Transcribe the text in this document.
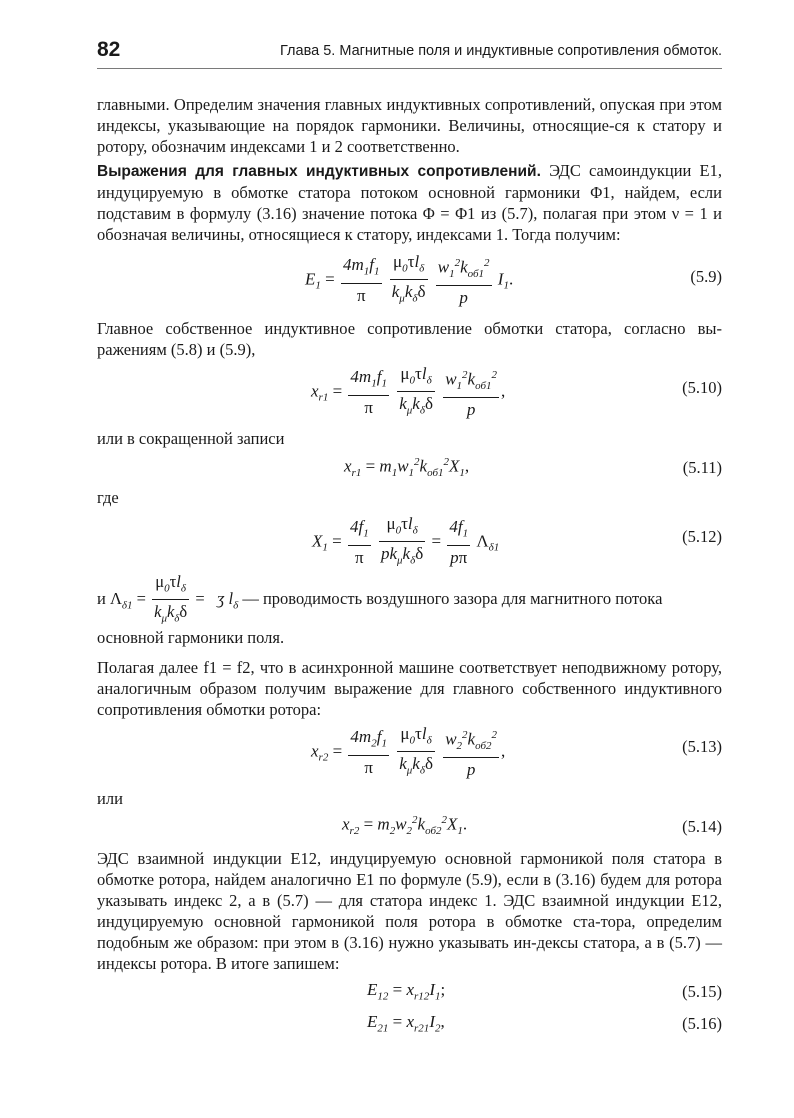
82	Глава 5. Магнитные поля и индуктивные сопротивления обмоток.

главными. Определим значения главных индуктивных сопротивлений, опуская при этом индексы, указывающие на порядок гармоники. Величины, относящие-ся к статору и ротору, обозначим индексами 1 и 2 соответственно.

Выражения для главных индуктивных сопротивлений. ЭДС самоиндукции E1, индуцируемую в обмотке статора потоком основной гармоники Φ1, найдем, если подставим в формулу (3.16) значение потока Φ = Φ1 из (5.7), полагая при этом ν = 1 и обозначая величины, относящиеся к статору, индексами 1. Тогда получим:

$E_1 = \frac{4m_1f_1}{\pi}$
$\frac{\mu_0\tau l_\delta}{k_\mu k_\delta\delta}$
$\frac{w_1^2k_{об1}^2}{p} I_1$.	(5.9)

Главное собственное индуктивное сопротивление обмотки статора, согласно вы-ражениям (5.8) и (5.9),

$x_{r1} = \frac{4m_1f_1}{\pi}$
$\frac{\mu_0\tau l_\delta}{k_\mu k_\delta\delta}$
$\frac{w_1^2k_{об1}^2}{p}$ ,	(5.10)

или в сокращенной записи

$x_{r1} = m_1w_1^2k_{об1}^2X_1$,	(5.11)

где

$X_1 = \frac{4f_1}{\pi}$
$\frac{\mu_0\tau l_\delta}{pk_\mu k_\delta\delta} = \frac{4f_1}{p\pi} \Lambda_{\delta 1}$
(5.12)
и $\Lambda_{\delta 1} = \frac{\mu_0\tau l_\delta}{k_\mu k_\delta\delta}$ =   ʒ $l_\delta$ — проводимость воздушного зазора для магнитного потока

основной гармоники поля.

Полагая далее f1 = f2, что в асинхронной машине соответствует неподвижному ротору, аналогичным образом получим выражение для главного собственного индуктивного сопротивления обмотки ротора:

$x_{r2} = \frac{4m_2f_1}{\pi}$
$\frac{\mu_0\tau l_\delta}{k_\mu k_\delta\delta}$
$\frac{w_2^2k_{об2}^2}{p}$ ,	(5.13)

или

$x_{r2} = m_2w_2^2k_{об2}^2X_1$.	(5.14)

ЭДС взаимной индукции E12, индуцируемую основной гармоникой поля статора в обмотке ротора, найдем аналогично E1 по формуле (5.9), если в (3.16) будем для ротора указывать индекс 2, а в (5.7) — для статора индекс 1. ЭДС взаимной индукции E12, индуцируемую основной гармоникой поля ротора в обмотке ста-тора, определим подобным же образом: при этом в (3.16) нужно указывать ин-дексы статора, а в (5.7) — индексы ротора. В итоге запишем:

$E_{12} = x_{r12}I_1$;	(5.15)
$E_{21} = x_{r21}I_2$,	(5.16)
